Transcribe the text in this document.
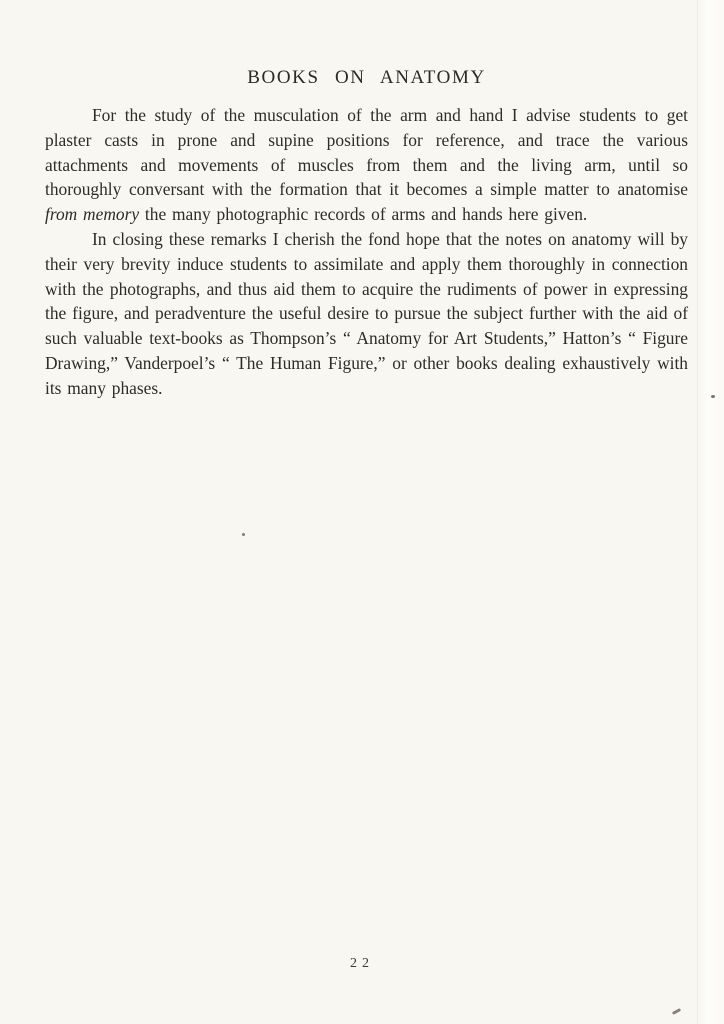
BOOKS ON ANATOMY

For the study of the musculation of the arm and hand I advise students to get plaster casts in prone and supine positions for reference, and trace the various attachments and movements of muscles from them and the living arm, until so thoroughly conversant with the formation that it becomes a simple matter to anatomise from memory the many photographic records of arms and hands here given.

In closing these remarks I cherish the fond hope that the notes on anatomy will by their very brevity induce students to assimilate and apply them thoroughly in connection with the photographs, and thus aid them to acquire the rudiments of power in expressing the figure, and peradventure the useful desire to pursue the subject further with the aid of such valuable text-books as Thompson’s “ Anatomy for Art Students,” Hatton’s “ Figure Drawing,” Vanderpoel’s “ The Human Figure,” or other books dealing exhaustively with its many phases.

22
